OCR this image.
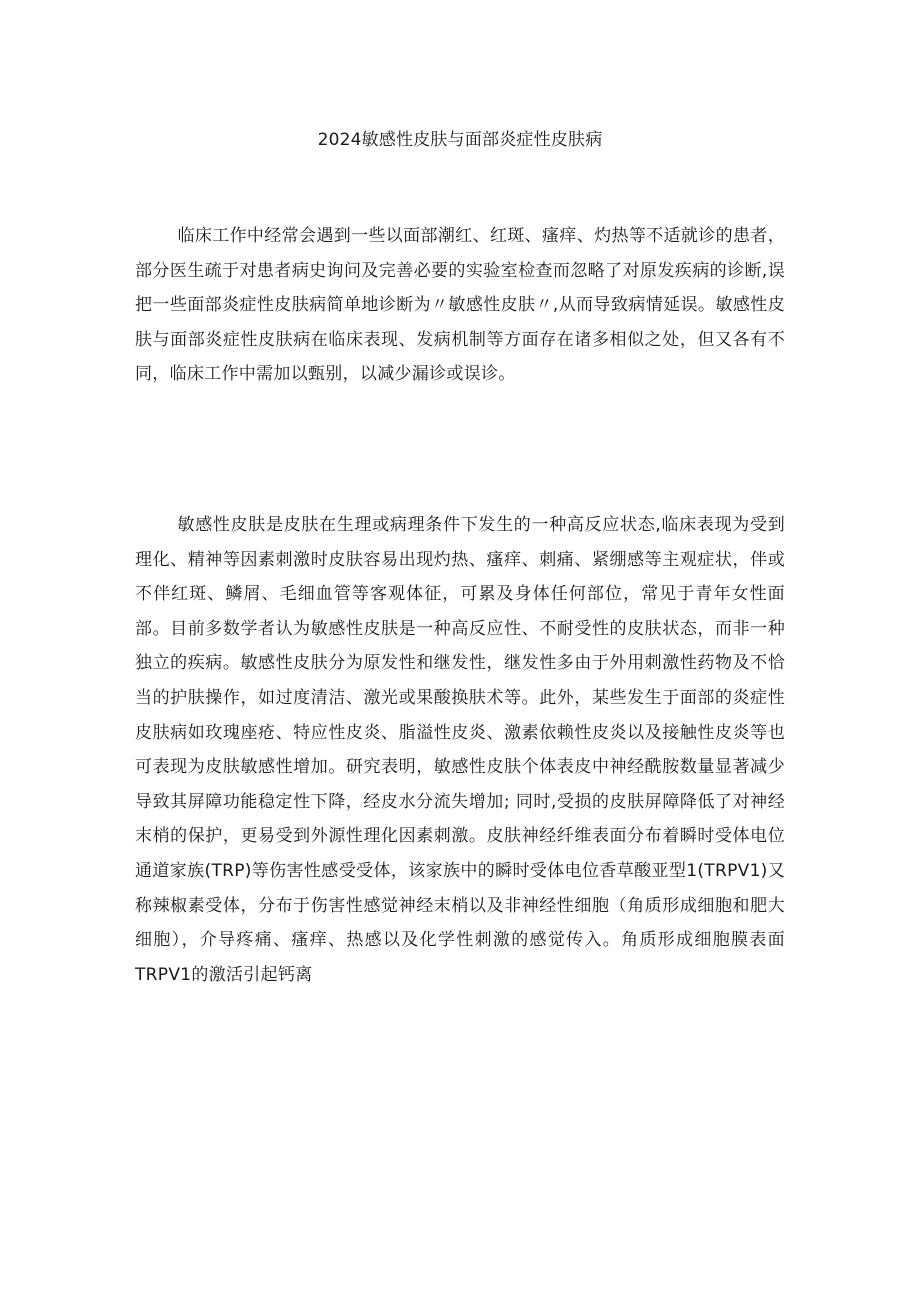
2024敏感性皮肤与面部炎症性皮肤病

临床工作中经常会遇到一些以面部潮红、红斑、瘙痒、灼热等不适就诊的患者，部分医生疏于对患者病史询问及完善必要的实验室检查而忽略了对原发疾病的诊断,误把一些面部炎症性皮肤病简单地诊断为〃敏感性皮肤〃,从而导致病情延误。敏感性皮肤与面部炎症性皮肤病在临床表现、发病机制等方面存在诸多相似之处，但又各有不同，临床工作中需加以甄别，以减少漏诊或误诊。

敏感性皮肤是皮肤在生理或病理条件下发生的一种高反应状态,临床表现为受到理化、精神等因素刺激时皮肤容易出现灼热、瘙痒、刺痛、紧绷感等主观症状，伴或不伴红斑、鳞屑、毛细血管等客观体征，可累及身体任何部位，常见于青年女性面部。目前多数学者认为敏感性皮肤是一种高反应性、不耐受性的皮肤状态，而非一种独立的疾病。敏感性皮肤分为原发性和继发性，继发性多由于外用刺激性药物及不恰当的护肤操作，如过度清洁、激光或果酸换肤术等。此外，某些发生于面部的炎症性皮肤病如玫瑰座疮、特应性皮炎、脂溢性皮炎、激素依赖性皮炎以及接触性皮炎等也可表现为皮肤敏感性增加。研究表明，敏感性皮肤个体表皮中神经酰胺数量显著减少导致其屏障功能稳定性下降，经皮水分流失增加; 同时,受损的皮肤屏障降低了对神经末梢的保护，更易受到外源性理化因素刺激。皮肤神经纤维表面分布着瞬时受体电位通道家族(TRP)等伤害性感受受体，该家族中的瞬时受体电位香草酸亚型1(TRPV1)又称辣椒素受体，分布于伤害性感觉神经末梢以及非神经性细胞（角质形成细胞和肥大细胞），介导疼痛、瘙痒、热感以及化学性刺激的感觉传入。角质形成细胞膜表面TRPV1的激活引起钙离
